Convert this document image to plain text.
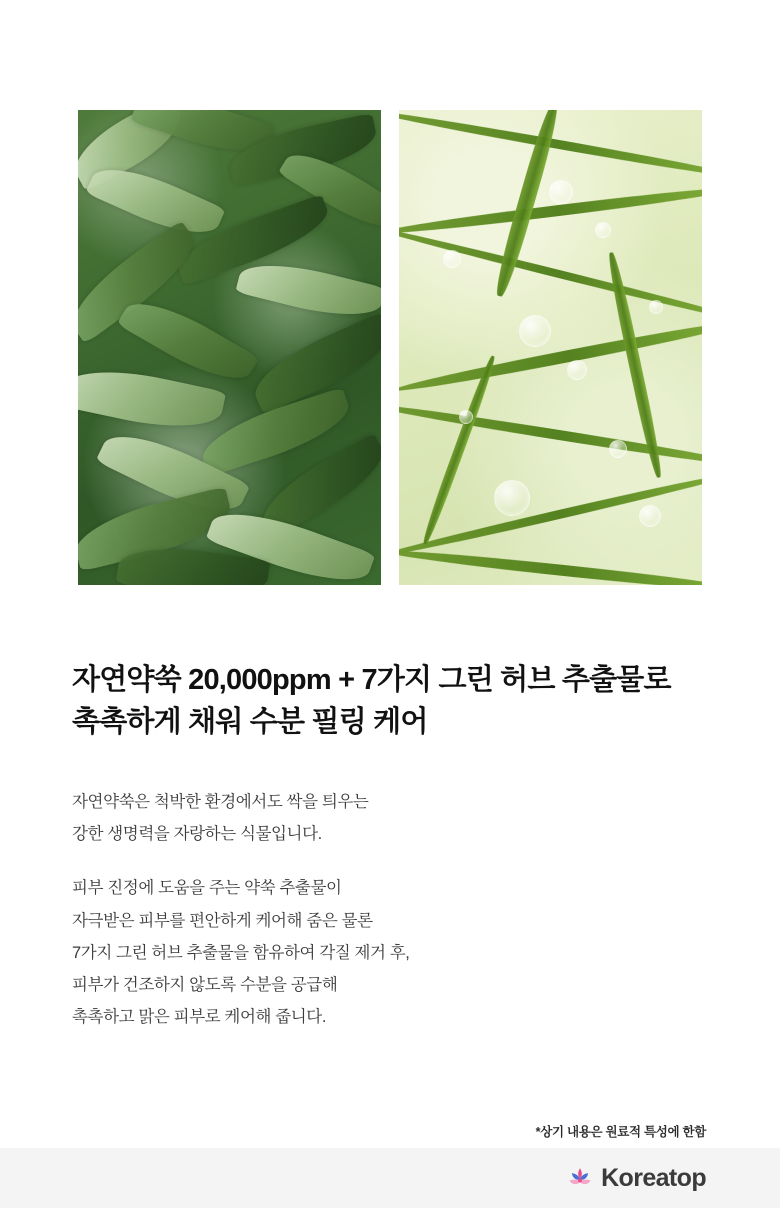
자연약쑥 20,000ppm + 7가지 그린 허브 추출물로
촉촉하게 채워 수분 필링 케어

자연약쑥은 척박한 환경에서도 싹을 틔우는
강한 생명력을 자랑하는 식물입니다.

피부 진정에 도움을 주는 약쑥 추출물이
자극받은 피부를 편안하게 케어해 줌은 물론
7가지 그린 허브 추출물을 함유하여 각질 제거 후,
피부가 건조하지 않도록 수분을 공급해
촉촉하고 맑은 피부로 케어해 줍니다.

*상기 내용은 원료적 특성에 한함
Koreatop
